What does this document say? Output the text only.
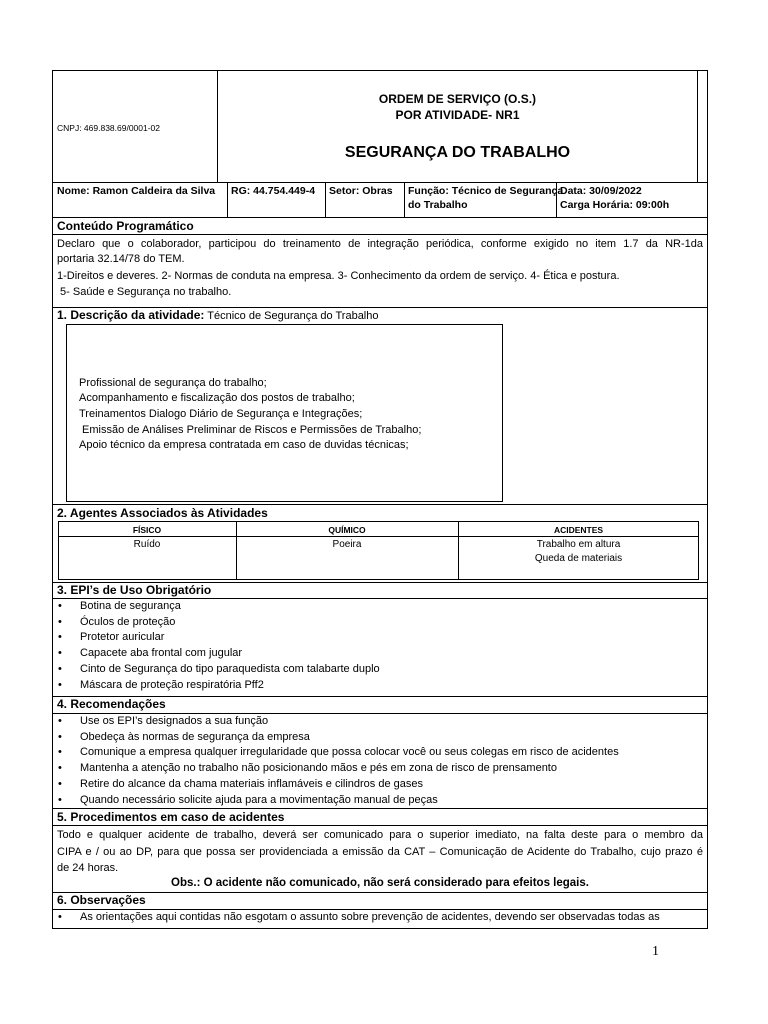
CNPJ: 469.838.69/0001-02
ORDEM DE SERVIÇO (O.S.)
POR ATIVIDADE- NR1
SEGURANÇA DO TRABALHO
Nome: Ramon Caldeira da Silva RG: 44.754.449-4 Setor: Obras Função: Técnico de Segurança
do Trabalho
Data: 30/09/2022
Carga Horária: 09:00h
Conteúdo Programático
Declaro que o colaborador, participou do treinamento de integração periódica, conforme exigido no item 1.7 da NR-1da
portaria 32.14/78 do TEM.
1-Direitos e deveres. 2- Normas de conduta na empresa. 3- Conhecimento da ordem de serviço. 4- Ética e postura.
5- Saúde e Segurança no trabalho.
1. Descrição da atividade: Técnico de Segurança do Trabalho
Profissional de segurança do trabalho;
Acompanhamento e fiscalização dos postos de trabalho;
Treinamentos Dialogo Diário de Segurança e Integrações;
Emissão de Análises Preliminar de Riscos e Permissões de Trabalho;
Apoio técnico da empresa contratada em caso de duvidas técnicas;
2. Agentes Associados às Atividades
FÍSICO	QUÍMICO	ACIDENTES
Ruído	Poeira	Trabalho em altura
Queda de materiais
3. EPI’s de Uso Obrigatório
• Botina de segurança
• Óculos de proteção
• Protetor auricular
• Capacete aba frontal com jugular
• Cinto de Segurança do tipo paraquedista com talabarte duplo
• Máscara de proteção respiratória Pff2
4. Recomendações
• Use os EPI’s designados a sua função
• Obedeça às normas de segurança da empresa
• Comunique a empresa qualquer irregularidade que possa colocar você ou seus colegas em risco de acidentes
• Mantenha a atenção no trabalho não posicionando mãos e pés em zona de risco de prensamento
• Retire do alcance da chama materiais inflamáveis e cilindros de gases
• Quando necessário solicite ajuda para a movimentação manual de peças
5. Procedimentos em caso de acidentes
Todo e qualquer acidente de trabalho, deverá ser comunicado para o superior imediato, na falta deste para o membro da
CIPA e / ou ao DP, para que possa ser providenciada a emissão da CAT – Comunicação de Acidente do Trabalho, cujo prazo é
de 24 horas.
Obs.: O acidente não comunicado, não será considerado para efeitos legais.
6. Observações
• As orientações aqui contidas não esgotam o assunto sobre prevenção de acidentes, devendo ser observadas todas as
1
